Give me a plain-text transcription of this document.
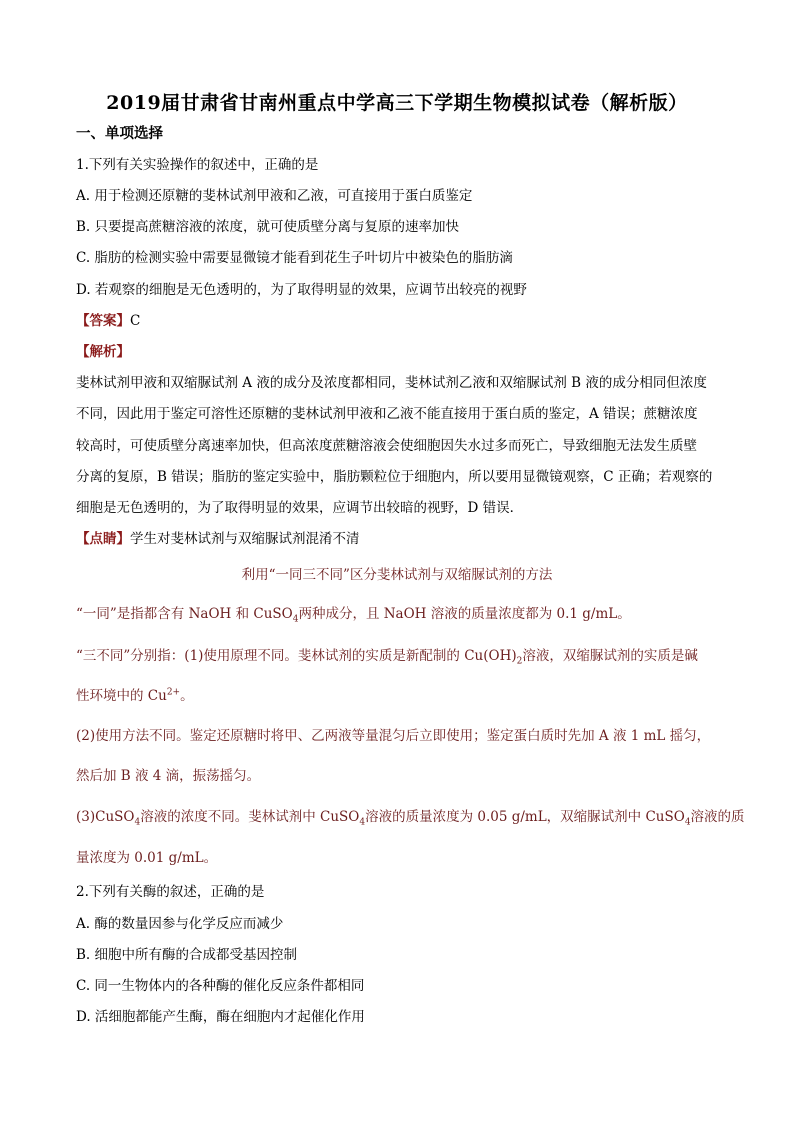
2019届甘肃省甘南州重点中学高三下学期生物模拟试卷（解析版）
一、单项选择
1.下列有关实验操作的叙述中，正确的是
A. 用于检测还原糖的斐林试剂甲液和乙液，可直接用于蛋白质鉴定
B. 只要提高蔗糖溶液的浓度，就可使质壁分离与复原的速率加快
C. 脂肪的检测实验中需要显微镜才能看到花生子叶切片中被染色的脂肪滴
D. 若观察的细胞是无色透明的，为了取得明显的效果，应调节出较亮的视野
【答案】C
【解析】
斐林试剂甲液和双缩脲试剂 A 液的成分及浓度都相同，斐林试剂乙液和双缩脲试剂 B 液的成分相同但浓度
不同，因此用于鉴定可溶性还原糖的斐林试剂甲液和乙液不能直接用于蛋白质的鉴定，A 错误；蔗糖浓度
较高时，可使质壁分离速率加快，但高浓度蔗糖溶液会使细胞因失水过多而死亡，导致细胞无法发生质壁
分离的复原，B 错误；脂肪的鉴定实验中，脂肪颗粒位于细胞内，所以要用显微镜观察，C 正确；若观察的
细胞是无色透明的，为了取得明显的效果，应调节出较暗的视野，D 错误．
【点睛】学生对斐林试剂与双缩脲试剂混淆不清
利用“一同三不同”区分斐林试剂与双缩脲试剂的方法
“一同”是指都含有 NaOH 和 CuSO$_4$两种成分，且 NaOH 溶液的质量浓度都为 0.1 g/mL。
“三不同”分别指：(1)使用原理不同。斐林试剂的实质是新配制的 $Cu(OH)_2$溶液，双缩脲试剂的实质是碱
性环境中的 $Cu^{2+}$。
(2)使用方法不同。鉴定还原糖时将甲、乙两液等量混匀后立即使用；鉴定蛋白质时先加 A 液 1 mL 摇匀，
然后加 B 液 4 滴，振荡摇匀。
(3)CuSO$_4$溶液的浓度不同。斐林试剂中 CuSO$_4$溶液的质量浓度为 0.05 g/mL，双缩脲试剂中 CuSO$_4$溶液的质
量浓度为 0.01 g/mL。
2.下列有关酶的叙述，正确的是
A. 酶的数量因参与化学反应而减少
B. 细胞中所有酶的合成都受基因控制
C. 同一生物体内的各种酶的催化反应条件都相同
D. 活细胞都能产生酶，酶在细胞内才起催化作用
